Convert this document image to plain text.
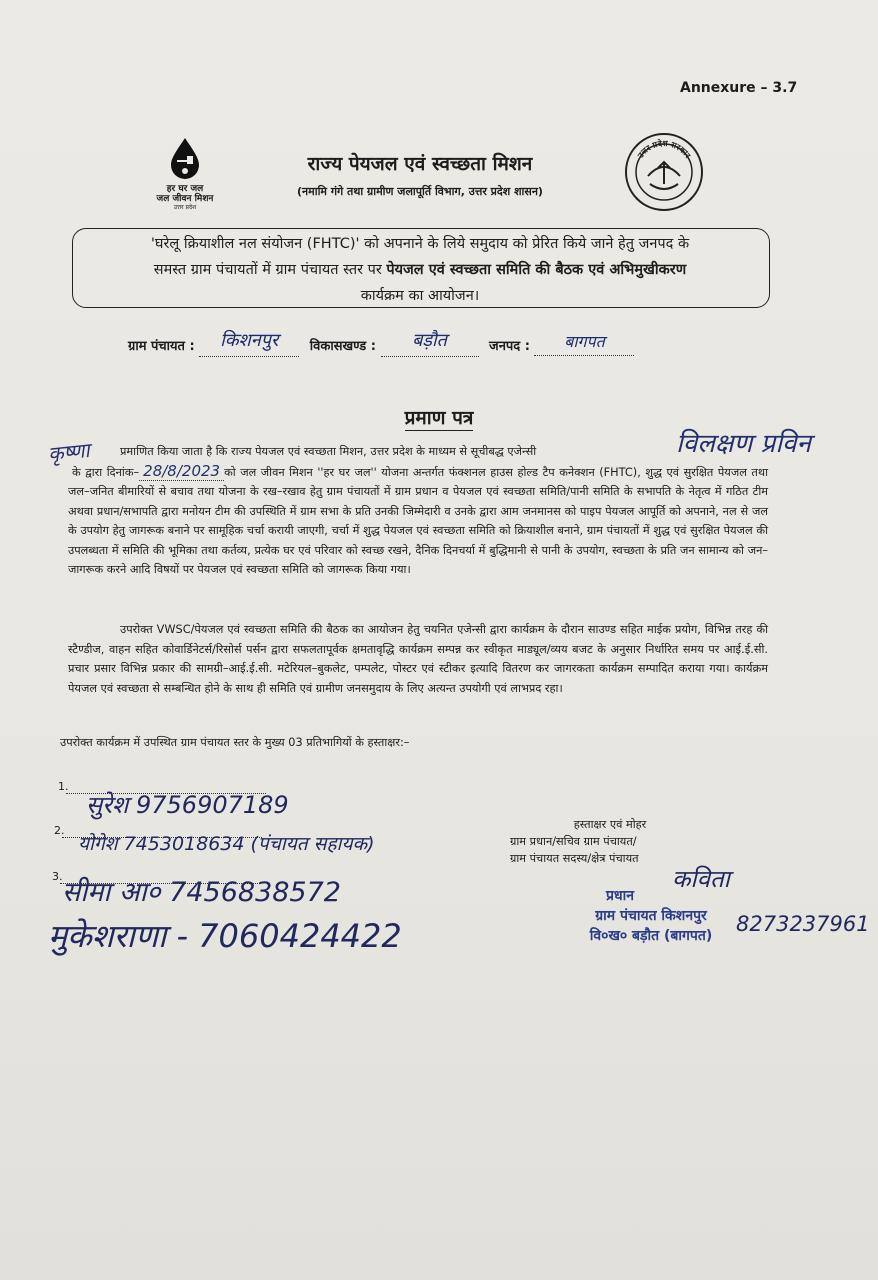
Annexure – 3.7
हर घर जल
जल जीवन मिशन
उत्तर प्रदेश
राज्य पेयजल एवं स्वच्छता मिशन
(नमामि गंगे तथा ग्रामीण जलापूर्ति विभाग, उत्तर प्रदेश शासन)
उत्तर प्रदेश सरकार
'घरेलू क्रियाशील नल संयोजन (FHTC)' को अपनाने के लिये समुदाय को प्रेरित किये जाने हेतु जनपद के
समस्त ग्राम पंचायतों में ग्राम पंचायत स्तर पर पेयजल एवं स्वच्छता समिति की बैठक एवं अभिमुखीकरण
कार्यक्रम का आयोजन।
ग्राम पंचायत : किशनपुर विकासखण्ड : बड़ौत	जनपद : बागपत
प्रमाण पत्र
कृष्णा	विलक्षण प्रविन
प्रमाणित किया जाता है कि राज्य पेयजल एवं स्वच्छता मिशन, उत्तर प्रदेश के माध्यम से सूचीबद्ध एजेन्सी
के द्वारा दिनांक– 28/8/2023 को जल जीवन मिशन ''हर घर जल'' योजना अन्तर्गत फंक्शनल हाउस होल्ड टैप कनेक्शन (FHTC), शुद्ध एवं सुरक्षित पेयजल तथा जल–जनित बीमारियों से बचाव तथा योजना के रख–रखाव हेतु ग्राम पंचायतों में ग्राम प्रधान व पेयजल एवं स्वच्छता समिति/पानी समिति के सभापति के नेतृत्व में गठित टीम अथवा प्रधान/सभापति द्वारा मनोयन टीम की उपस्थिति में ग्राम सभा के प्रति उनकी जिम्मेदारी व उनके द्वारा आम जनमानस को पाइप पेयजल आपूर्ति को अपनाने, नल से जल के उपयोग हेतु जागरूक बनाने पर सामूहिक चर्चा करायी जाएगी, चर्चा में शुद्ध पेयजल एवं स्वच्छता समिति को क्रियाशील बनाने, ग्राम पंचायतों में शुद्ध एवं सुरक्षित पेयजल की उपलब्धता में समिति की भूमिका तथा कर्तव्य, प्रत्येक घर एवं परिवार को स्वच्छ रखने, दैनिक दिनचर्या में बुद्धिमानी से पानी के उपयोग, स्वच्छता के प्रति जन सामान्य को जन–जागरूक करने आदि विषयों पर पेयजल एवं स्वच्छता समिति को जागरूक किया गया।
उपरोक्त VWSC/पेयजल एवं स्वच्छता समिति की बैठक का आयोजन हेतु चयनित एजेन्सी द्वारा कार्यक्रम के दौरान साउण्ड सहित माईक प्रयोग, विभिन्न तरह की स्टैण्डीज, वाहन सहित कोवार्डिनेटर्स/रिसोर्स पर्सन द्वारा सफलतापूर्वक क्षमतावृद्धि कार्यक्रम सम्पन्न कर स्वीकृत माड्यूल/व्यय बजट के अनुसार निर्धारित समय पर आई.ई.सी. प्रचार प्रसार विभिन्न प्रकार की सामग्री–आई.ई.सी. मटेरियल–बुकलेट, पम्पलेट, पोस्टर एवं स्टीकर इत्यादि वितरण कर जागरकता कार्यक्रम सम्पादित कराया गया। कार्यक्रम पेयजल एवं स्वच्छता से सम्बन्धित होने के साथ ही समिति एवं ग्रामीण जनसमुदाय के लिए अत्यन्त उपयोगी एवं लाभप्रद रहा।
उपरोक्त कार्यक्रम में उपस्थित ग्राम पंचायत स्तर के मुख्य 03 प्रतिभागियों के हस्ताक्षर:–
1.
सुरेश 9756907189
2.
योगेश 7453018634 (पंचायत सहायक)
3.
सीमा आ० 7456838572
मुकेशराणा - 7060424422
हस्ताक्षर एवं मोहर
ग्राम प्रधान/सचिव ग्राम पंचायत/
ग्राम पंचायत सदस्य/क्षेत्र पंचायत
कविता
प्रधान
ग्राम पंचायत किशनपुर
वि०ख० बड़ौत (बागपत)	8273237961
